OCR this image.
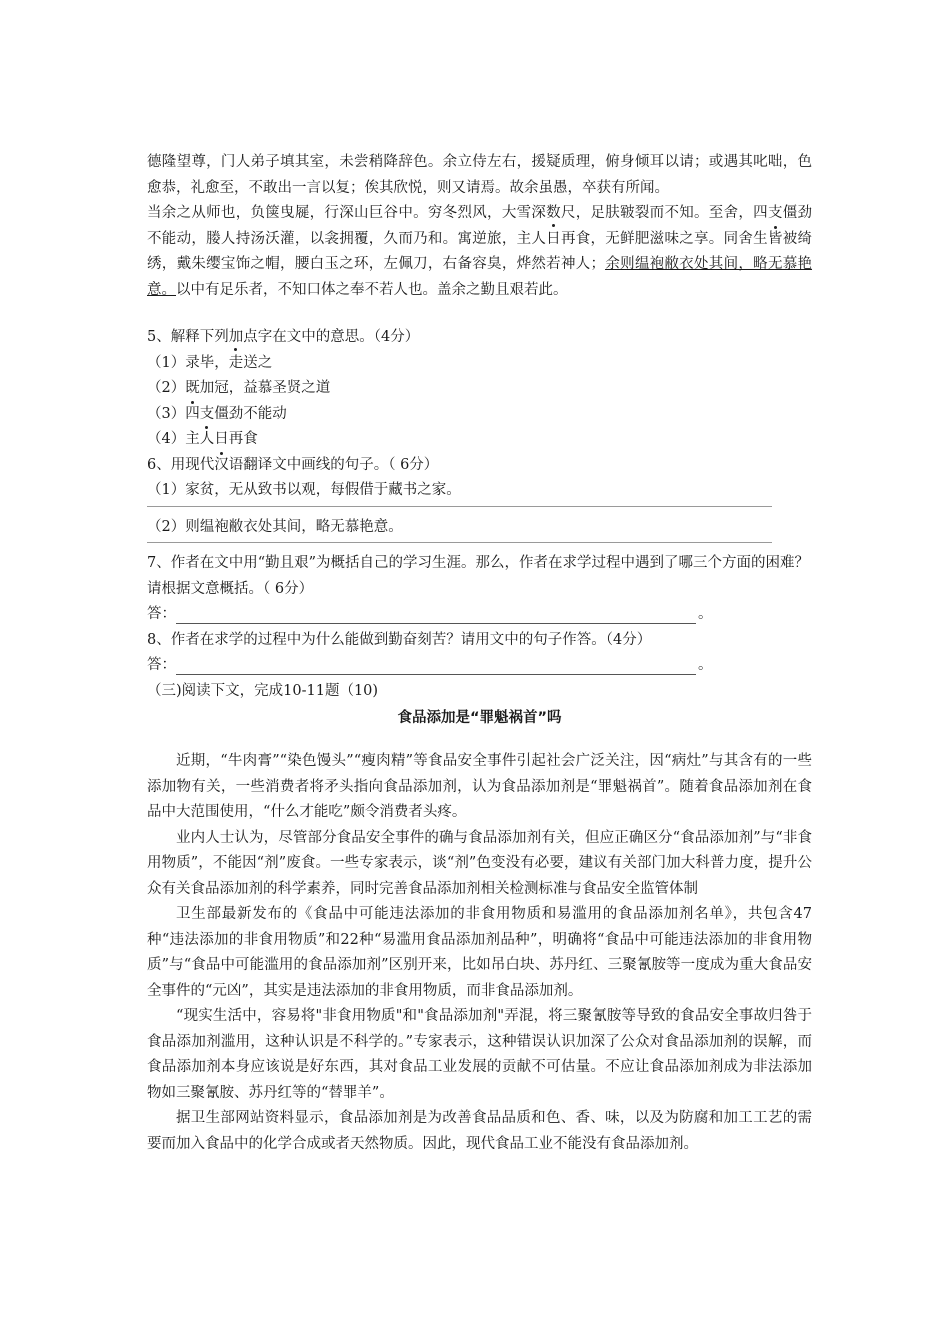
德隆望尊，门人弟子填其室，未尝稍降辞色。余立侍左右，援疑质理，俯身倾耳以请；或遇其叱咄，色愈恭，礼愈至，不敢出一言以复；俟其欣悦，则又请焉。故余虽愚，卒获有所闻。

当余之从师也，负箧曳屣，行深山巨谷中。穷冬烈风，大雪深数尺，足肤皲裂而不知。至舍，四支僵劲不能动，媵人持汤沃灌，以衾拥覆，久而乃和。寓逆旅，主人日再食，无鲜肥滋味之享。同舍生皆被绮绣，戴朱缨宝饰之帽，腰白玉之环，左佩刀，右备容臭，烨然若神人；余则缊袍敝衣处其间，略无慕艳意。以中有足乐者，不知口体之奉不若人也。盖余之勤且艰若此。

5、解释下列加点字在文中的意思。（4分）

（1）录毕，走送之

（2）既加冠，益慕圣贤之道

（3）四支僵劲不能动

（4）主人日再食

6、用现代汉语翻译文中画线的句子。（ 6分）

（1）家贫，无从致书以观，每假借于藏书之家。

（2）则缊袍敝衣处其间，略无慕艳意。

7、作者在文中用“勤且艰”为概括自己的学习生涯。那么，作者在求学过程中遇到了哪三个方面的困难？请根据文意概括。（ 6分）

答：	。

8、作者在求学的过程中为什么能做到勤奋刻苦？请用文中的句子作答。（4分）

答：	。

（三)阅读下文，完成10-11题（10)

食品添加是“罪魁祸首”吗

近期，“牛肉膏”“染色馒头”“瘦肉精”等食品安全事件引起社会广泛关注，因“病灶”与其含有的一些添加物有关，一些消费者将矛头指向食品添加剂，认为食品添加剂是“罪魁祸首”。随着食品添加剂在食品中大范围使用，“什么才能吃”颇令消费者头疼。

业内人士认为，尽管部分食品安全事件的确与食品添加剂有关，但应正确区分“食品添加剂”与“非食用物质”，不能因“剂”废食。一些专家表示，谈“剂”色变没有必要，建议有关部门加大科普力度，提升公众有关食品添加剂的科学素养，同时完善食品添加剂相关检测标准与食品安全监管体制

卫生部最新发布的《食品中可能违法添加的非食用物质和易滥用的食品添加剂名单》，共包含47种“违法添加的非食用物质”和22种“易滥用食品添加剂品种”，明确将“食品中可能违法添加的非食用物质”与“食品中可能滥用的食品添加剂”区别开来，比如吊白块、苏丹红、三聚氰胺等一度成为重大食品安全事件的“元凶”，其实是违法添加的非食用物质，而非食品添加剂。

“现实生活中，容易将"非食用物质"和"食品添加剂"弄混，将三聚氰胺等导致的食品安全事故归咎于食品添加剂滥用，这种认识是不科学的。”专家表示，这种错误认识加深了公众对食品添加剂的误解，而食品添加剂本身应该说是好东西，其对食品工业发展的贡献不可估量。不应让食品添加剂成为非法添加物如三聚氰胺、苏丹红等的“替罪羊”。

据卫生部网站资料显示，食品添加剂是为改善食品品质和色、香、味，以及为防腐和加工工艺的需要而加入食品中的化学合成或者天然物质。因此，现代食品工业不能没有食品添加剂。
